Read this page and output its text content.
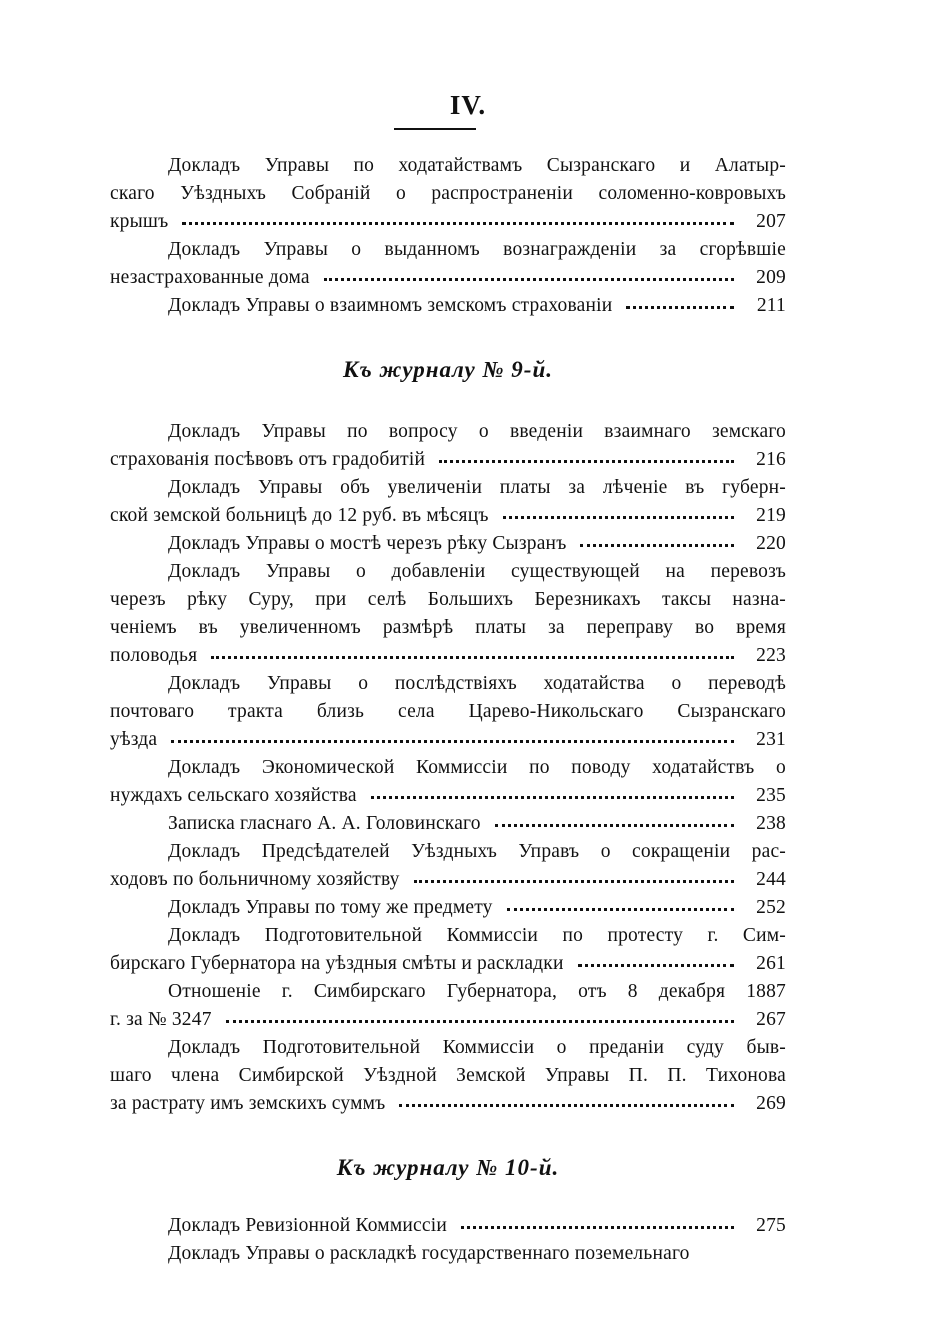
IV.
Докладъ Управы по ходатайствамъ Сызранскаго и Алатыр-
скаго Уѣздныхъ Собраній о распространеніи соломенно-ковровыхъ
крышъ	207
Докладъ Управы о выданномъ вознагражденіи за сгорѣвшіе
незастрахованные дома	209
Докладъ Управы о взаимномъ земскомъ страхованіи	211
Къ журналу № 9-й.
Докладъ Управы по вопросу о введеніи взаимнаго земскаго
страхованія посѣвовъ отъ градобитій	216
Докладъ Управы объ увеличеніи платы за лѣченіе въ губерн-
ской земской больницѣ до 12 руб. въ мѣсяцъ	219
Докладъ Управы о мостѣ черезъ рѣку Сызранъ	220
Докладъ Управы о добавленіи существующей на перевозъ
черезъ рѣку Суру, при селѣ Большихъ Березникахъ таксы назна-
ченіемъ въ увеличенномъ размѣрѣ платы за переправу во время
половодья	223
Докладъ Управы о послѣдствіяхъ ходатайства о переводѣ
почтоваго тракта близь села Царево-Никольскаго Сызранскаго
уѣзда	231
Докладъ Экономической Коммиссіи по поводу ходатайствъ о
нуждахъ сельскаго хозяйства	235
Записка гласнаго А. А. Головинскаго	238
Докладъ Предсѣдателей Уѣздныхъ Управъ о сокращеніи рас-
ходовъ по больничному хозяйству	244
Докладъ Управы по тому же предмету	252
Докладъ Подготовительной Коммиссіи по протесту г. Сим-
бирскаго Губернатора на уѣздныя смѣты и раскладки	261
Отношеніе г. Симбирскаго Губернатора, отъ 8 декабря 1887
г. за № 3247	267
Докладъ Подготовительной Коммиссіи о преданіи суду быв-
шаго члена Симбирской Уѣздной Земской Управы П. П. Тихонова
за растрату имъ земскихъ суммъ	269
Къ журналу № 10-й.
Докладъ Ревизіонной Коммиссіи	275
Докладъ Управы о раскладкѣ государственнаго поземельнаго
